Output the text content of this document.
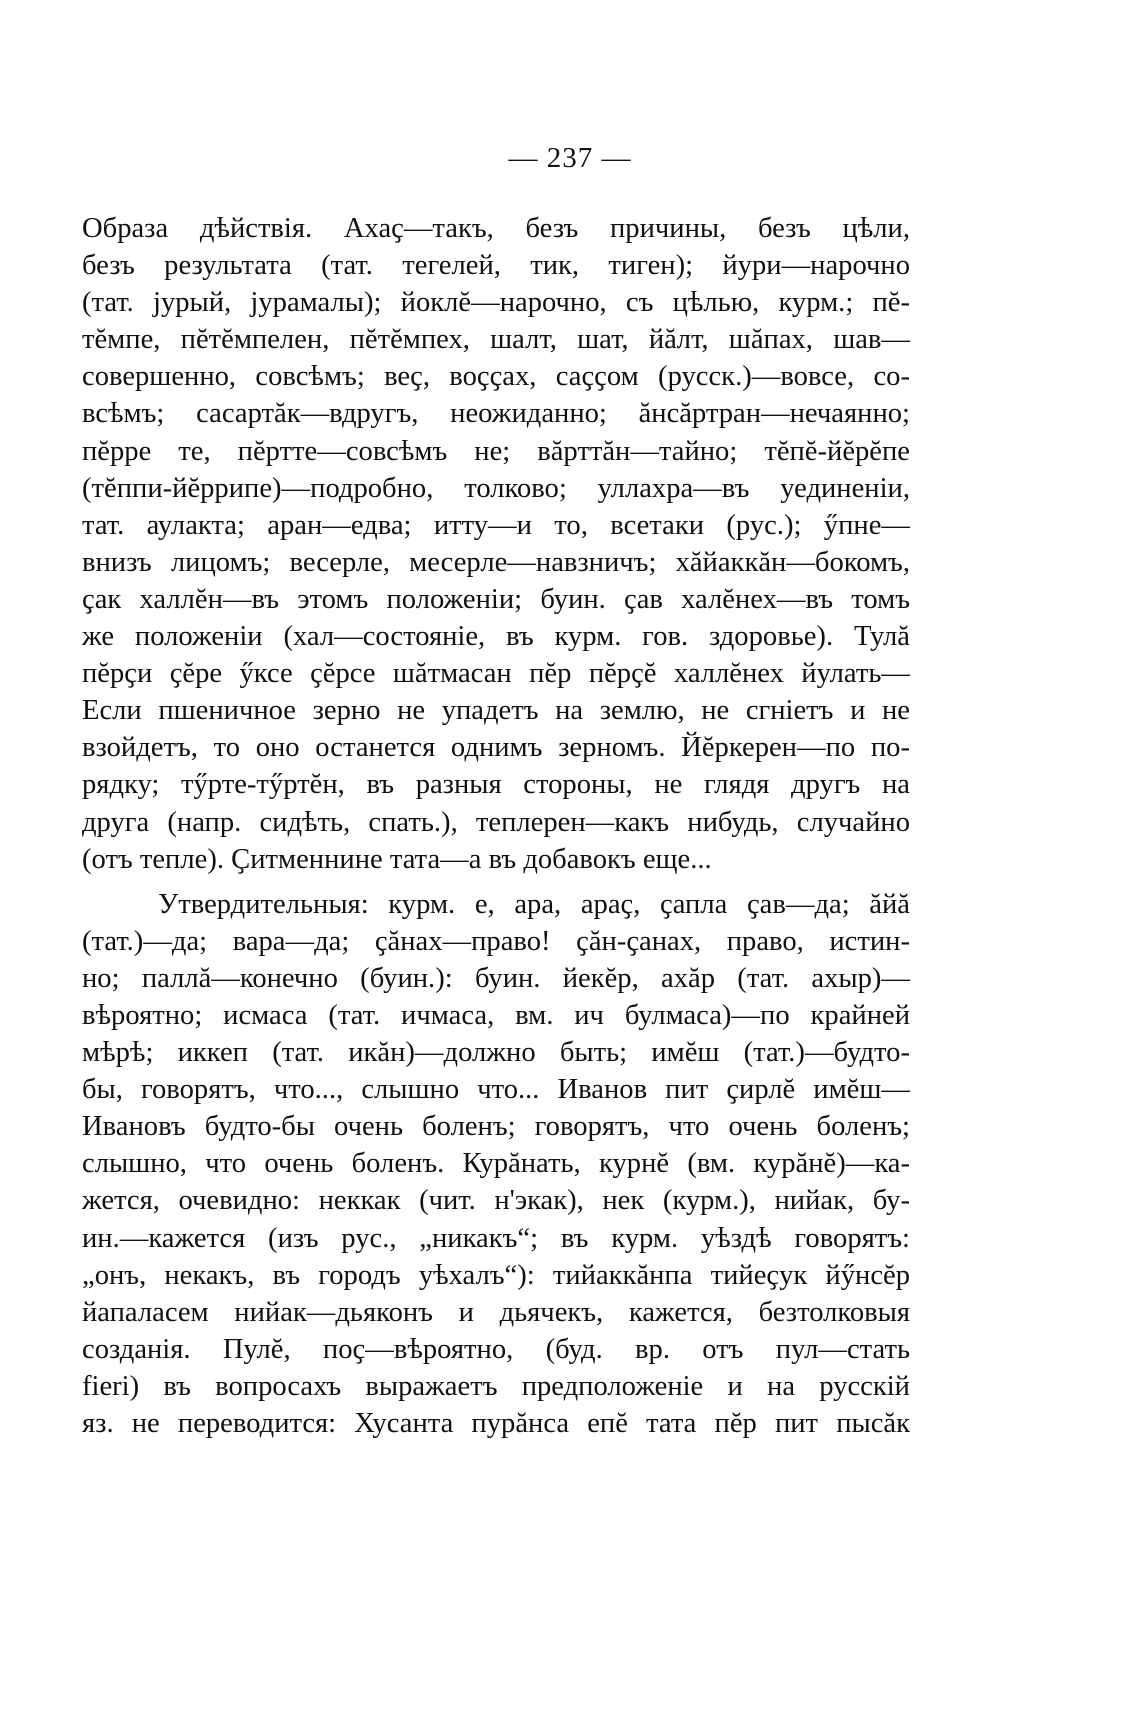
— 237 —

Образа дѣйствія. Ахаҫ—такъ, безъ причины, безъ цѣли,

безъ результата (тат. тегелей, тик, тиген); йури—нарочно

(тат. јурый, јурамалы); йоклĕ—нарочно, съ цѣлью, курм.; пĕ-

тĕмпе, пĕтĕмпелен, пĕтĕмпех, шалт, шат, йăлт, шăпах, шав—

совершенно, совсѣмъ; веҫ, воҫҫах, саҫҫом (русск.)—вовсе, со-

всѣмъ; сасартăк—вдругъ, неожиданно; ăнсăртран—нечаянно;

пĕрре те, пĕртте—совсѣмъ не; вăрттăн—тайно; тĕпĕ-йĕрĕпе

(тĕппи-йĕррипе)—подробно, толково; уллахра—въ уединеніи,

тат. аулакта; аран—едва; итту—и то, всетаки (рус.); ӳпне—

внизъ лицомъ; весерле, месерле—навзничъ; хăйаккăн—бокомъ,

ҫак халлĕн—въ этомъ положеніи; буин. ҫав халĕнех—въ томъ

же положеніи (хал—состояніе, въ курм. гов. здоровье). Тулă

пĕрҫи ҫĕре ӳксе ҫĕрсе шăтмасан пĕр пĕрҫĕ халлĕнех йулать—

Если пшеничное зерно не упадетъ на землю, не сгніетъ и не

взойдетъ, то оно останется однимъ зерномъ. Йĕркерен—по по-

рядку; тӳрте-тӳртĕн, въ разныя стороны, не глядя другъ на

друга (напр. сидѣть, спать.), теплерен—какъ нибудь, случайно

(отъ тепле). Ҫитменнине тата—а въ добавокъ еще...

Утвердительныя: курм. е, ара, араҫ, ҫапла ҫав—да; ăйă

(тат.)—да; вара—да; ҫăнах—право! ҫăн-ҫанах, право, истин-

но; паллă—конечно (буин.): буин. йекĕр, ахăр (тат. ахыр)—

вѣроятно; исмаса (тат. ичмаса, вм. ич булмаса)—по крайней

мѣрѣ; иккеп (тат. икăн)—должно быть; имĕш (тат.)—будто-

бы, говорятъ, что..., слышно что... Иванов пит ҫирлĕ имĕш—

Ивановъ будто-бы очень боленъ; говорятъ, что очень боленъ;

слышно, что очень боленъ. Курăнать, курнĕ (вм. курăнĕ)—ка-

жется, очевидно: неккак (чит. н'экак), нек (курм.), нийак, бу-

ин.—кажется (изъ рус., „никакъ“; въ курм. уѣздѣ говорятъ:

„онъ, некакъ, въ городъ уѣхалъ“): тийаккăнпа тийеҫук йӳнсĕр

йапаласем нийак—дьяконъ и дьячекъ, кажется, безтолковыя

созданія. Пулĕ, поҫ—вѣроятно, (буд. вр. отъ пул—стать

fieri) въ вопросахъ выражаетъ предположеніе и на русскій

яз. не переводится: Хусанта пурăнса епĕ тата пĕр пит пысăк
